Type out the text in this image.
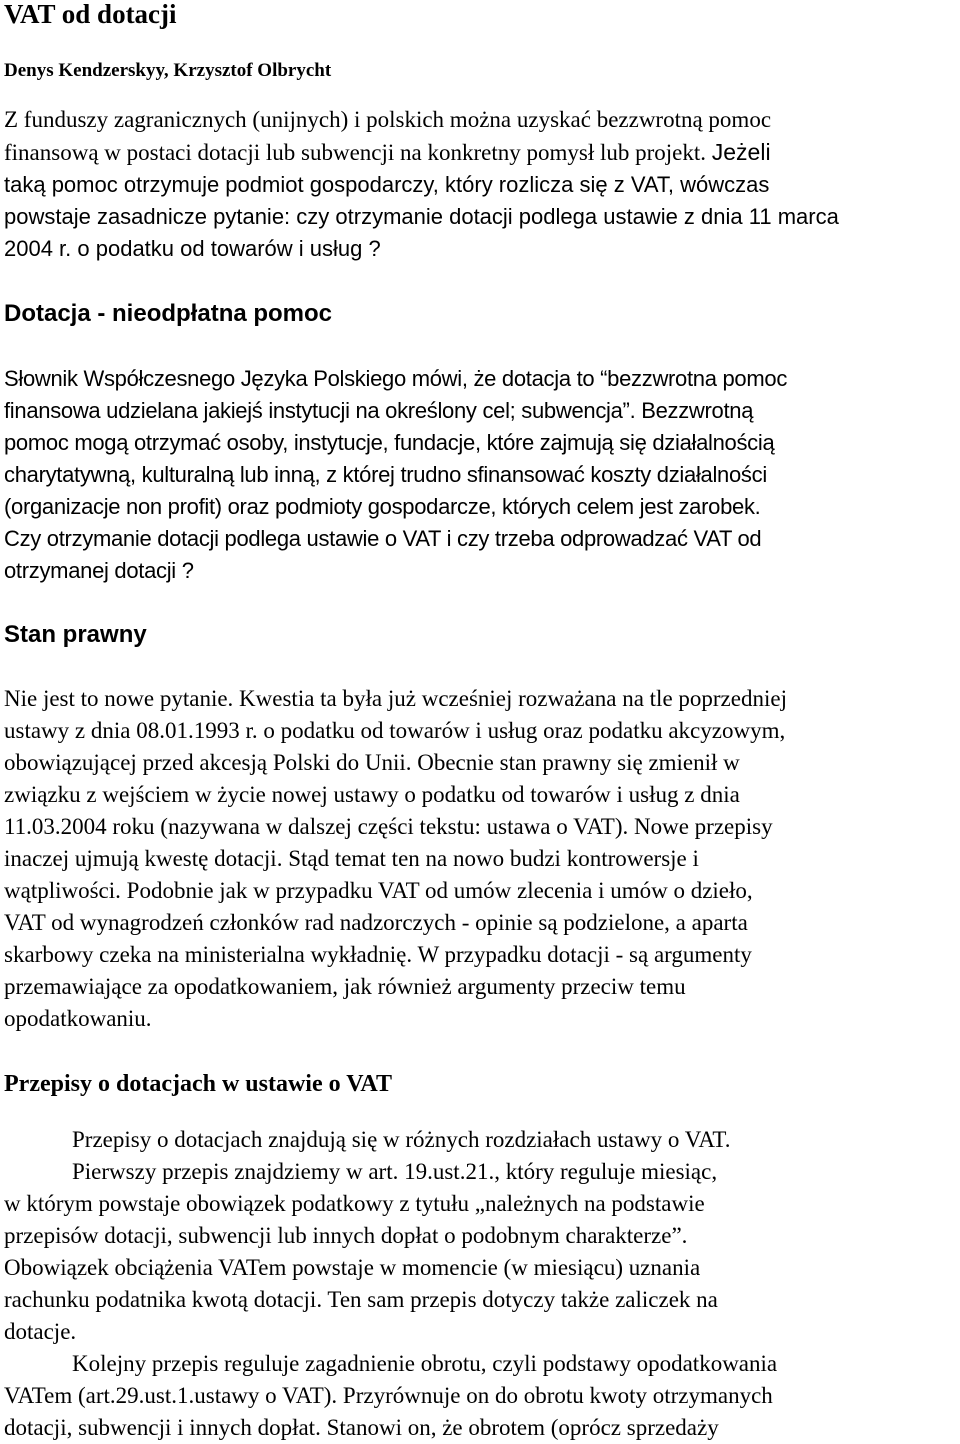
VAT od dotacji

Denys Kendzerskyy, Krzysztof Olbrycht

Z funduszy zagranicznych (unijnych) i polskich można uzyskać bezzwrotną pomoc
finansową w postaci dotacji lub subwencji na konkretny pomysł lub projekt. Jeżeli
taką pomoc otrzymuje podmiot gospodarczy, który rozlicza się z VAT, wówczas
powstaje zasadnicze pytanie: czy otrzymanie dotacji podlega ustawie z dnia 11 marca
2004 r. o podatku od towarów i usług ?
Dotacja - nieodpłatna pomoc
Słownik Współczesnego Języka Polskiego mówi, że dotacja to “bezzwrotna pomoc
finansowa udzielana jakiejś instytucji na określony cel; subwencja”. Bezzwrotną
pomoc mogą otrzymać osoby, instytucje, fundacje, które zajmują się działalnością
charytatywną, kulturalną lub inną, z której trudno sfinansować koszty działalności
(organizacje non profit) oraz podmioty gospodarcze, których celem jest zarobek.
Czy otrzymanie dotacji podlega ustawie o VAT i czy trzeba odprowadzać VAT od
otrzymanej dotacji ?
Stan prawny
Nie jest to nowe pytanie. Kwestia ta była już wcześniej rozważana na tle poprzedniej
ustawy z dnia 08.01.1993 r. o podatku od towarów i usług oraz podatku akcyzowym,
obowiązującej przed akcesją Polski do Unii. Obecnie stan prawny się zmienił w
związku z wejściem w życie nowej ustawy o podatku od towarów i usług z dnia
11.03.2004 roku (nazywana w dalszej części tekstu: ustawa o VAT). Nowe przepisy
inaczej ujmują kwestę dotacji. Stąd temat ten na nowo budzi kontrowersje i
wątpliwości. Podobnie jak w przypadku VAT od umów zlecenia i umów o dzieło,
VAT od wynagrodzeń członków rad nadzorczych - opinie są podzielone, a aparta
skarbowy czeka na ministerialna wykładnię. W przypadku dotacji - są argumenty
przemawiające za opodatkowaniem, jak również argumenty przeciw temu
opodatkowaniu.
Przepisy o dotacjach w ustawie o VAT
Przepisy o dotacjach znajdują się w różnych rozdziałach ustawy o VAT.
Pierwszy przepis znajdziemy w art. 19.ust.21., który reguluje miesiąc,
w którym powstaje obowiązek podatkowy z tytułu „należnych na podstawie
przepisów dotacji, subwencji lub innych dopłat o podobnym charakterze”.
Obowiązek obciążenia VATem powstaje w momencie (w miesiącu) uznania
rachunku podatnika kwotą dotacji. Ten sam przepis dotyczy także zaliczek na
dotacje.
Kolejny przepis reguluje zagadnienie obrotu, czyli podstawy opodatkowania
VATem (art.29.ust.1.ustawy o VAT). Przyrównuje on do obrotu kwoty otrzymanych
dotacji, subwencji i innych dopłat. Stanowi on, że obrotem (oprócz sprzedaży
